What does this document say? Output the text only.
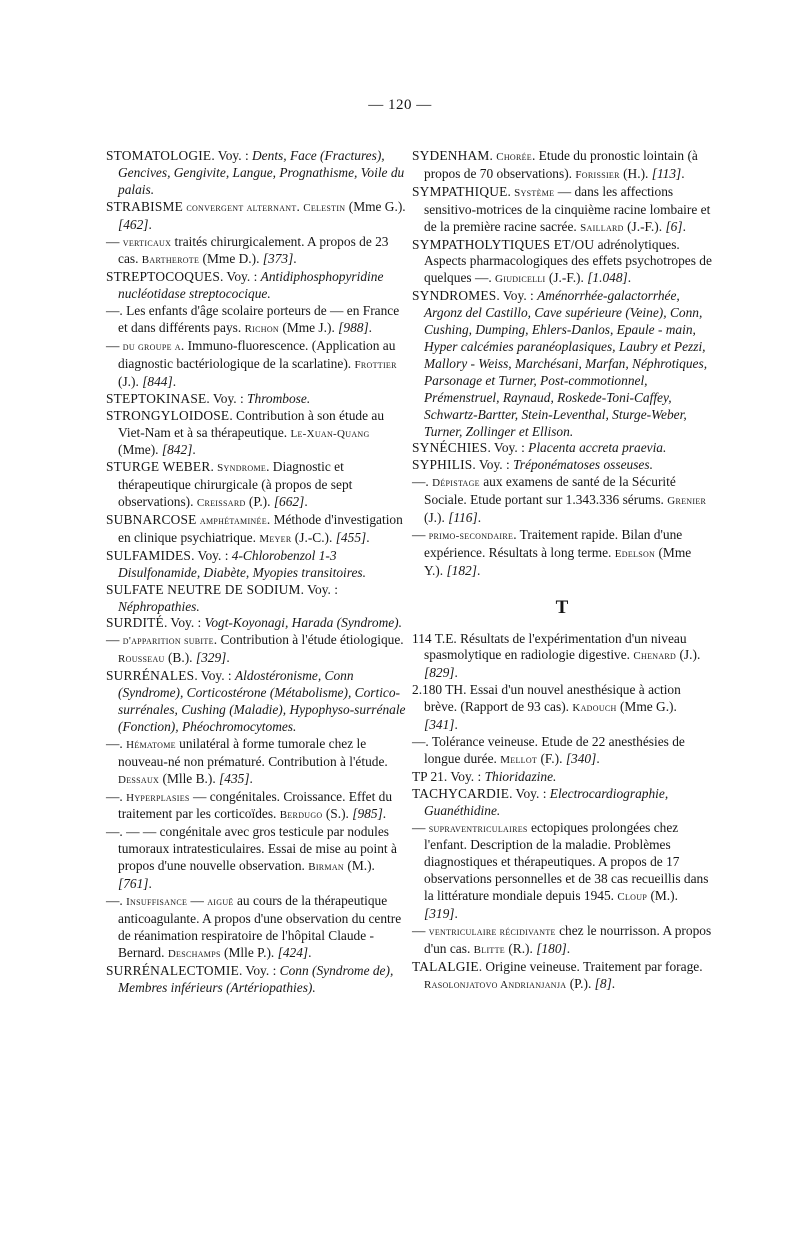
— 120 —

STOMATOLOGIE. Voy. : Dents, Face (Fractures), Gencives, Gengivite, Langue, Prognathisme, Voile du palais.

STRABISME convergent alternant. Celestin (Mme G.). [462].

— verticaux traités chirurgicalement. A propos de 23 cas. Bartherote (Mme D.). [373].

STREPTOCOQUES. Voy. : Antidiphosphopyridine nucléotidase streptococique.

—. Les enfants d'âge scolaire porteurs de — en France et dans différents pays. Richon (Mme J.). [988].

— du groupe a. Immuno-fluorescence. (Application au diagnostic bactériologique de la scarlatine). Frottier (J.). [844].

STEPTOKINASE. Voy. : Thrombose.

STRONGYLOIDOSE. Contribution à son étude au Viet-Nam et à sa thérapeutique. Le-Xuan-Quang (Mme). [842].

STURGE WEBER. Syndrome. Diagnostic et thérapeutique chirurgicale (à propos de sept observations). Creissard (P.). [662].

SUBNARCOSE amphétaminée. Méthode d'investigation en clinique psychiatrique. Meyer (J.-C.). [455].

SULFAMIDES. Voy. : 4-Chlorobenzol 1-3 Disulfonamide, Diabète, Myopies transitoires.

SULFATE NEUTRE DE SODIUM. Voy. : Néphropathies.

SURDITÉ. Voy. : Vogt-Koyonagi, Harada (Syndrome).

— d'apparition subite. Contribution à l'étude étiologique. Rousseau (B.). [329].

SURRÉNALES. Voy. : Aldostéronisme, Conn (Syndrome), Corticostérone (Métabolisme), Cortico-surrénales, Cushing (Maladie), Hypophyso-surrénale (Fonction), Phéochromocytomes.

—. Hématome unilatéral à forme tumorale chez le nouveau-né non prématuré. Contribution à l'étude. Dessaux (Mlle B.). [435].

—. Hyperplasies — congénitales. Croissance. Effet du traitement par les corticoïdes. Berdugo (S.). [985].

—. — — congénitale avec gros testicule par nodules tumoraux intratesticulaires. Essai de mise au point à propos d'une nouvelle observation. Birman (M.). [761].

—. Insuffisance — aiguë au cours de la thérapeutique anticoagulante. A propos d'une observation du centre de réanimation respiratoire de l'hôpital Claude - Bernard. Deschamps (Mlle P.). [424].

SURRÉNALECTOMIE. Voy. : Conn (Syndrome de), Membres inférieurs (Artériopathies).

SYDENHAM. Chorée. Etude du pronostic lointain (à propos de 70 observations). Forissier (H.). [113].

SYMPATHIQUE. Système — dans les affections sensitivo-motrices de la cinquième racine lombaire et de la première racine sacrée. Saillard (J.-F.). [6].

SYMPATHOLYTIQUES ET/OU adrénolytiques. Aspects pharmacologiques des effets psychotropes de quelques —. Giudicelli (J.-F.). [1.048].

SYNDROMES. Voy. : Aménorrhée-galactorrhée, Argonz del Castillo, Cave supérieure (Veine), Conn, Cushing, Dumping, Ehlers-Danlos, Epaule - main, Hyper calcémies paranéoplasiques, Laubry et Pezzi, Mallory - Weiss, Marchésani, Marfan, Néphrotiques, Parsonage et Turner, Post-commotionnel, Prémenstruel, Raynaud, Roskede-Toni-Caffey, Schwartz-Bartter, Stein-Leventhal, Sturge-Weber, Turner, Zollinger et Ellison.

SYNÉCHIES. Voy. : Placenta accreta praevia.

SYPHILIS. Voy. : Tréponématoses osseuses.

—. Dépistage aux examens de santé de la Sécurité Sociale. Etude portant sur 1.343.336 sérums. Grenier (J.). [116].

— primo-secondaire. Traitement rapide. Bilan d'une expérience. Résultats à long terme. Edelson (Mme Y.). [182].

T

114 T.E. Résultats de l'expérimentation d'un niveau spasmolytique en radiologie digestive. Chenard (J.). [829].

2.180 TH. Essai d'un nouvel anesthésique à action brève. (Rapport de 93 cas). Kadouch (Mme G.). [341].

—. Tolérance veineuse. Etude de 22 anesthésies de longue durée. Mellot (F.). [340].

TP 21. Voy. : Thioridazine.

TACHYCARDIE. Voy. : Electrocardiographie, Guanéthidine.

— supraventriculaires ectopiques prolongées chez l'enfant. Description de la maladie. Problèmes diagnostiques et thérapeutiques. A propos de 17 observations personnelles et de 38 cas recueillis dans la littérature mondiale depuis 1945. Cloup (M.). [319].

— ventriculaire récidivante chez le nourrisson. A propos d'un cas. Blitte (R.). [180].

TALALGIE. Origine veineuse. Traitement par forage. Rasolonjatovo Andrianjanja (P.). [8].
